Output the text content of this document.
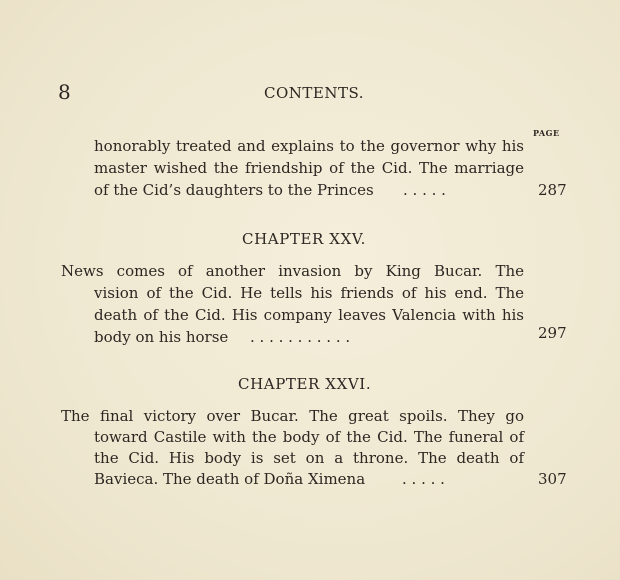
8	CONTENTS.
PAGE
honorably treated and explains to the governor why his
master wished the friendship of the Cid. The marriage
of the Cid’s daughters to the Princes . . . . .	287
CHAPTER XXV.
News comes of another invasion by King Bucar. The
vision of the Cid. He tells his friends of his end. The
death of the Cid. His company leaves Valencia with his
body on his horse . . . . . . . . . . .	297
CHAPTER XXVI.
The final victory over Bucar. The great spoils. They go
toward Castile with the body of the Cid. The funeral of
the Cid. His body is set on a throne. The death of
Bavieca. The death of Doña Ximena . . . . .	307
